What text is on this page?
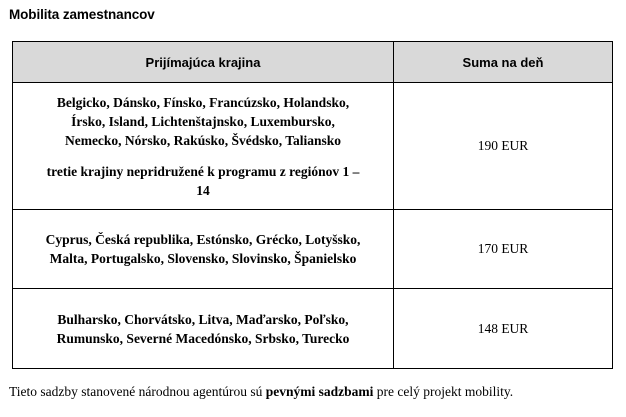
Mobilita zamestnancov
Prijímajúca krajina	Suma na deň

Belgicko, Dánsko, Fínsko, Francúzsko, Holandsko,
Írsko, Island, Lichtenštajnsko, Luxembursko,
Nemecko, Nórsko, Rakúsko, Švédsko, Taliansko
tretie krajiny nepridružené k programu z regiónov 1 –
14	190 EUR

Cyprus, Česká republika, Estónsko, Grécko, Lotyšsko,
Malta, Portugalsko, Slovensko, Slovinsko, Španielsko	170 EUR

Bulharsko, Chorvátsko, Litva, Maďarsko, Poľsko,
Rumunsko, Severné Macedónsko, Srbsko, Turecko	148 EUR
Tieto sadzby stanovené národnou agentúrou sú pevnými sadzbami pre celý projekt mobility.
